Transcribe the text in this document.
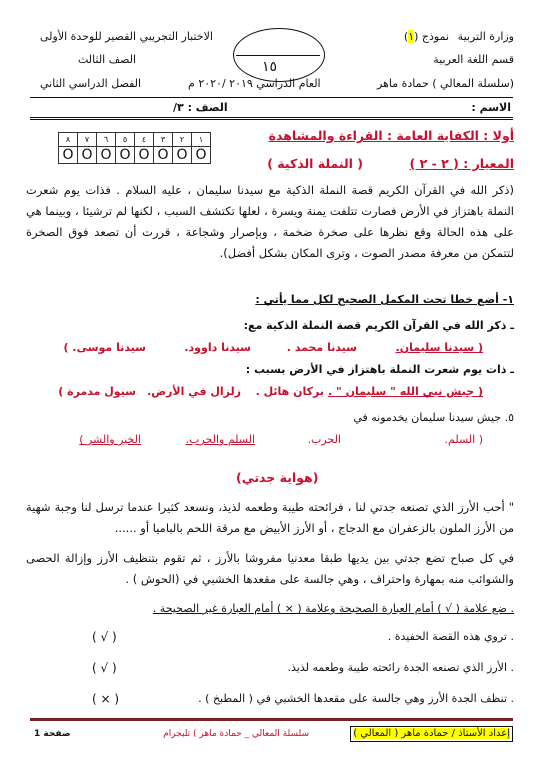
وزارة التربية
نموذج (١)
الاختبار التجريبي القصير للوحدة الأولى
قسم اللغة العربية
الصف الثالث	١٥
(سلسلة المعالي ) حمادة ماهر
العام الدراسي ٢٠١٩ /٢٠٢٠ م
الفصل الدراسي الثاني
الاسم :
الصف : ٣/
١	٢	٣	٤	٥	٦	٧	٨
O	O	O	O	O	O	O	O
أولا : الكفاية العامة : القراءة والمشاهدة
المعيار : ( ٢ - ٢ )
( النملة الذكية )
(ذكر الله في القرآن الكريم قصة النملة الذكية مع سيدنا سليمان ، عليه السلام . فذات يوم شعرت النملة باهتزاز في الأرض فصارت تتلفت يمنة ويسرة ، لعلها تكتشف السبب ، لكنها لم ترشيئا ، وبينما هي على هذه الحالة وقع نظرها على صخرة ضخمة ، وبإصرار وشجاعة ، قررت أن تصعد فوق الصخرة لتتمكن من معرفة مصدر الصوت ، وترى المكان بشكل أفضل).
١- أضع خطا تحت المكمل الصحيح لكل مما يأتي :
ـ ذكر الله في القرآن الكريم قصة النملة الذكية مع:
( سيدنا سليمان.
سيدنا محمد .
سيدنا داوود.
سيدنا موسى. )
ـ ذات يوم شعرت النملة باهتزاز في الأرض بسبب :
( جيش نبي الله " سليمان " .
بركان هائل .
زلزال في الأرض.
سيول مدمرة )
٥. جيش سيدنا سليمان يخدمونه في
( السلم.
الحرب.
السلم والحرب.
الخير والشر )
(هواية جدتي)
" أحب الأرز الذي تصنعه جدتي لنا ، فرائحته طيبة وطعمه لذيذ، ونسعد كثيرا عندما ترسل لنا وجبة شهية من الأرز الملون بالزعفران مع الدجاج ، أو الأرز الأبيض مع مرقة اللحم بالباميا أو ......
في كل صباح تضع جدتي بين يديها طبقا معدنيا مفروشا بالأرز ، ثم تقوم بتنظيف الأرز وإزالة الحصى والشوائب منه بمهارة واحتراف ، وهي جالسة على مقعدها الخشبي في (الحوش ) .
. ضع علامة ( √ ) أمام العبارة الصحيحة وعلامة ( × ) أمام العبارة غير الصحيحة .
. تروي هذه القصة الحفيدة .
( √ )
. الأرز الذي تصنعه الجدة رائحته طيبة وطعمه لذيذ.
( √ )
. تنظف الجدة الأرز وهي جالسة على مقعدها الخشبي في ( المطبخ ) .
( × )
إعداد الأستاذ / حمادة ماهر ( المعالي )
سلسلة المعالي _ حمادة ماهر ) تليجرام
صفحة 1
